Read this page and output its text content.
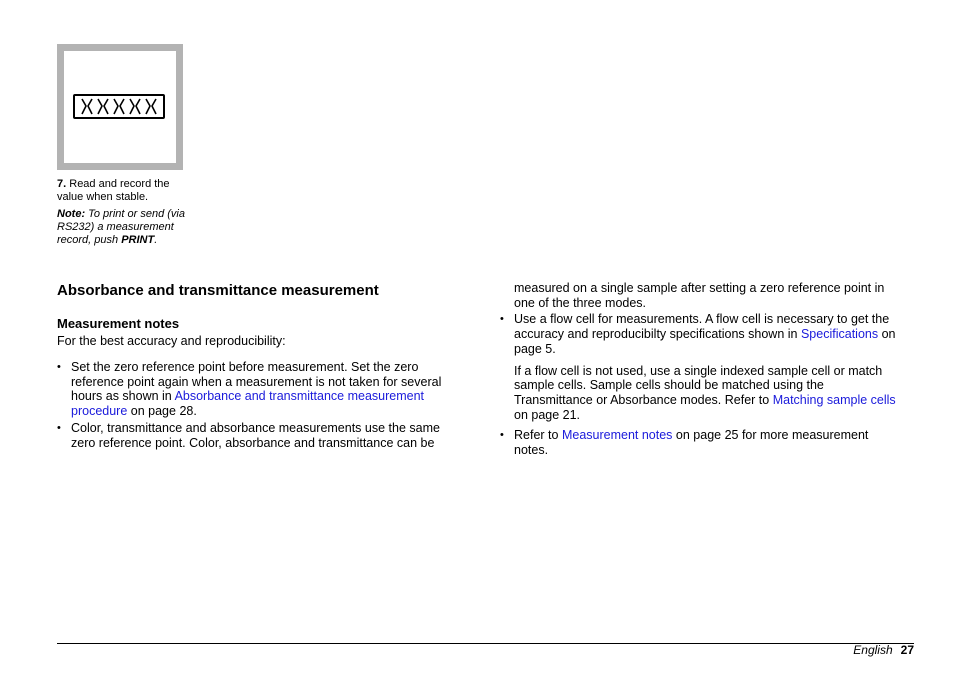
7. Read and record the value when stable.
Note: To print or send (via RS232) a measurement record, push PRINT.
Absorbance and transmittance measurement
Measurement notes
For the best accuracy and reproducibility:
• Set the zero reference point before measurement. Set the zero reference point again when a measurement is not taken for several hours as shown in Absorbance and transmittance measurement procedure on page 28.
• Color, transmittance and absorbance measurements use the same zero reference point. Color, absorbance and transmittance can be
measured on a single sample after setting a zero reference point in one of the three modes.
• Use a flow cell for measurements. A flow cell is necessary to get the accuracy and reproducibilty specifications shown in Specifications on page 5.
If a flow cell is not used, use a single indexed sample cell or match sample cells. Sample cells should be matched using the Transmittance or Absorbance modes. Refer to Matching sample cells on page 21.
• Refer to Measurement notes on page 25 for more measurement notes.
English 27
